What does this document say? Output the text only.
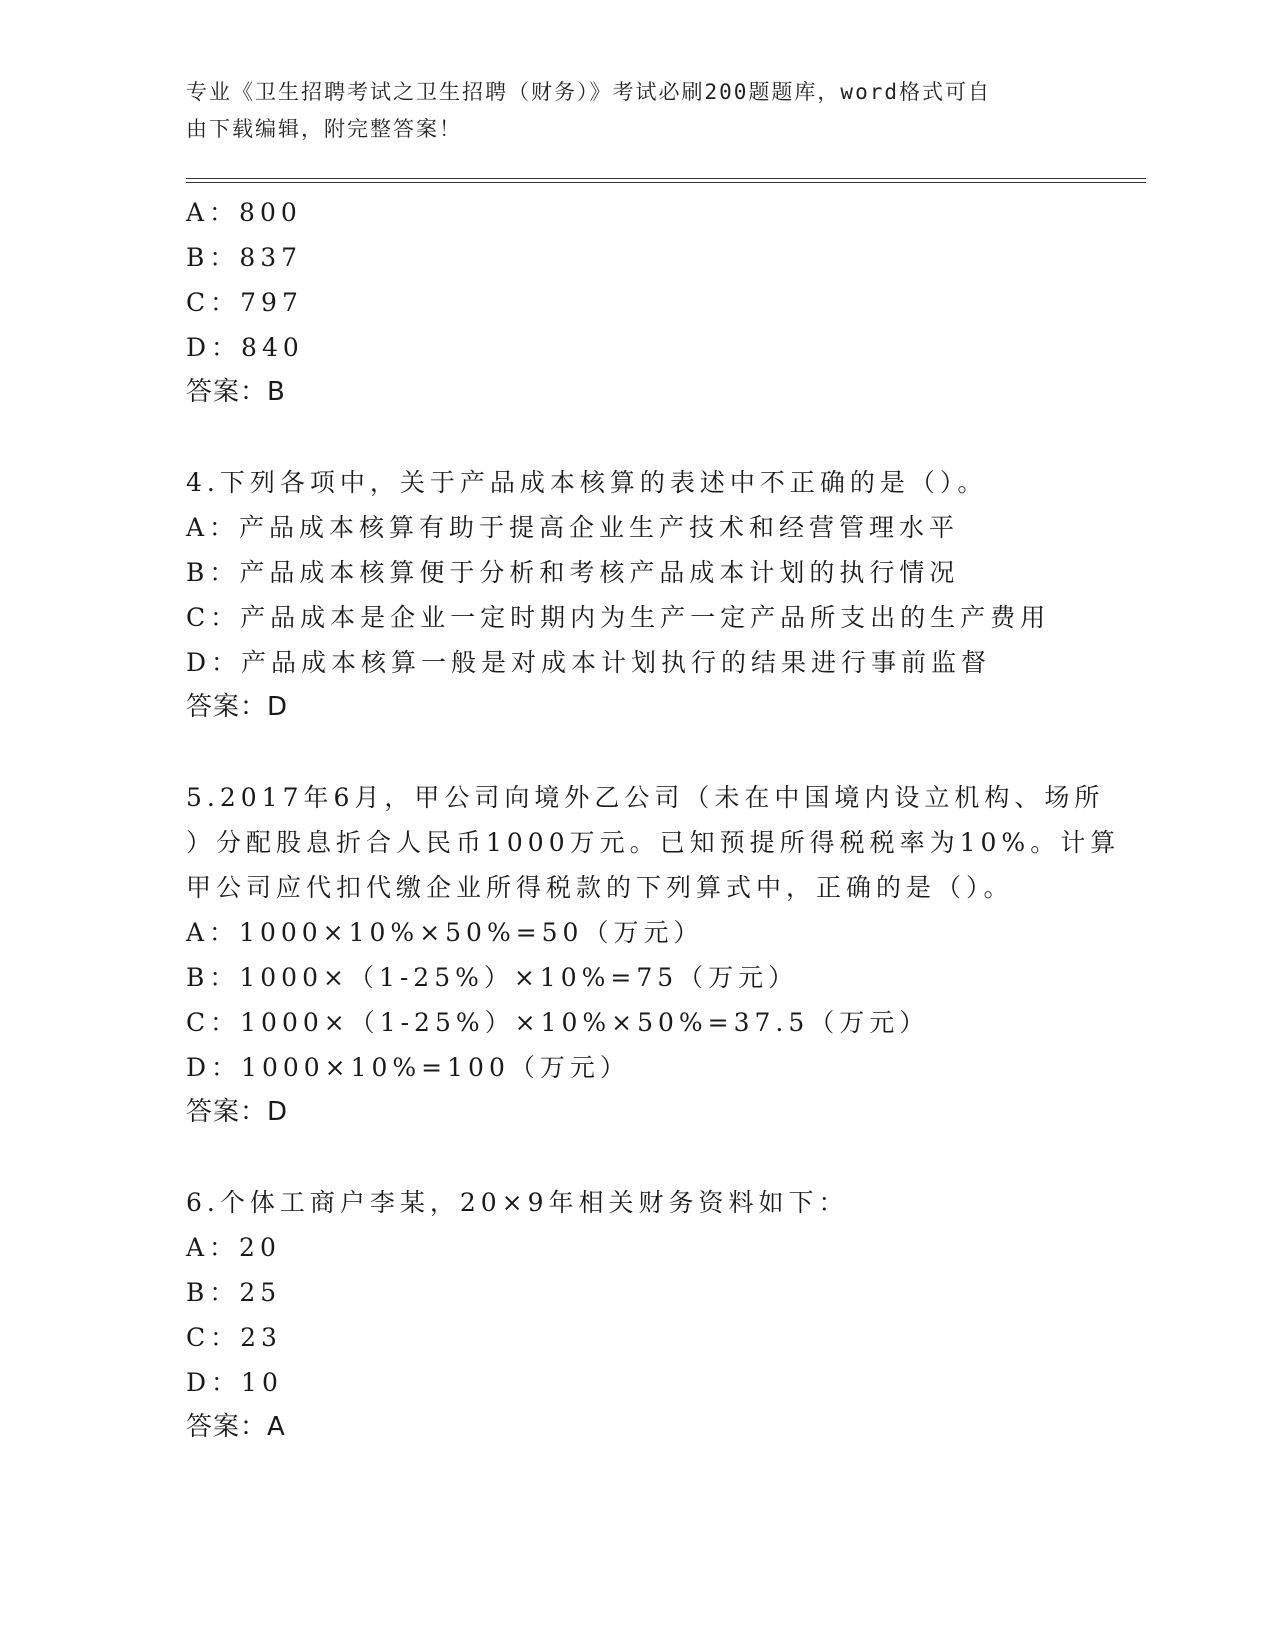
专业《卫生招聘考试之卫生招聘（财务）》考试必刷200题题库，word格式可自
由下载编辑，附完整答案！
A：800
B：837
C：797
D：840
答案：B
4.下列各项中，关于产品成本核算的表述中不正确的是（）。
A：产品成本核算有助于提高企业生产技术和经营管理水平
B：产品成本核算便于分析和考核产品成本计划的执行情况
C：产品成本是企业一定时期内为生产一定产品所支出的生产费用
D：产品成本核算一般是对成本计划执行的结果进行事前监督
答案：D
5.2017年6月，甲公司向境外乙公司（未在中国境内设立机构、场所
）分配股息折合人民币1000万元。已知预提所得税税率为10%。计算
甲公司应代扣代缴企业所得税款的下列算式中，正确的是（）。
A：1000×10%×50%=50（万元）
B：1000×（1-25%）×10%=75（万元）
C：1000×（1-25%）×10%×50%=37.5（万元）
D：1000×10%=100（万元）
答案：D
6.个体工商户李某，20×9年相关财务资料如下：
A：20
B：25
C：23
D：10
答案：A
